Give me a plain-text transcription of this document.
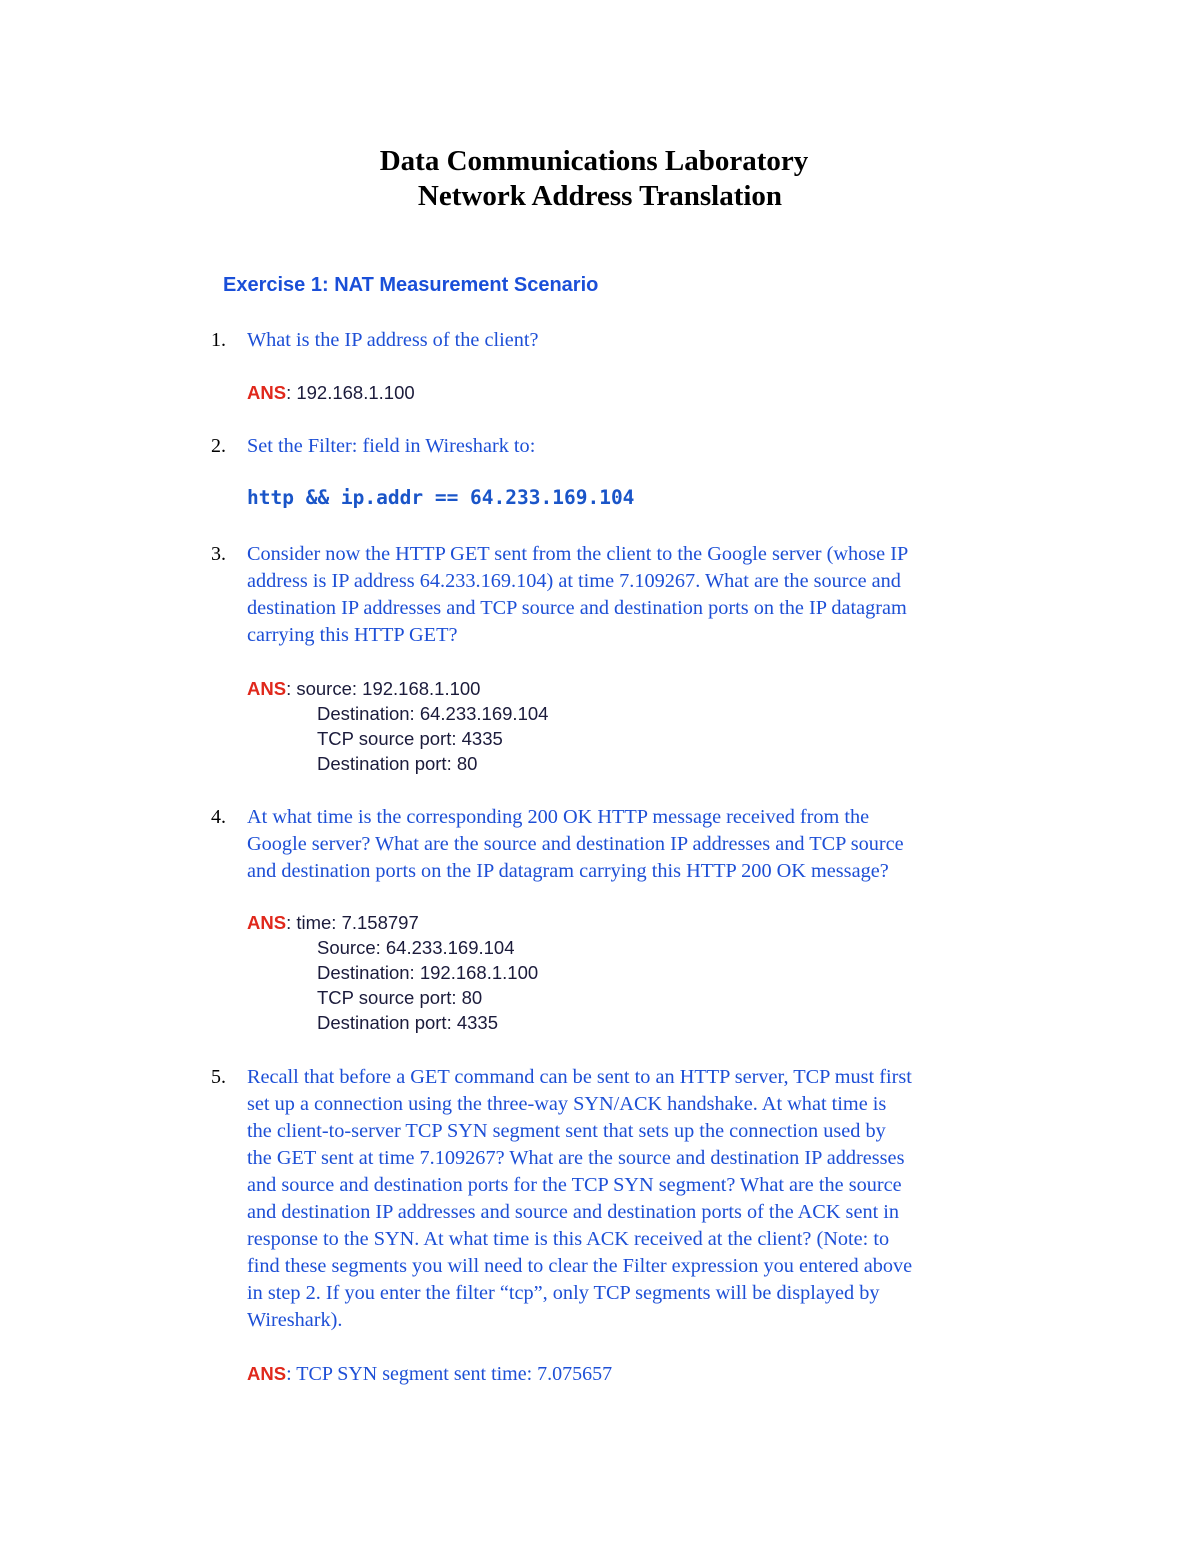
Data Communications Laboratory
Network Address Translation
Exercise 1: NAT Measurement Scenario
1. What is the IP address of the client?
ANS: 192.168.1.100
2. Set the Filter: field in Wireshark to:
http && ip.addr == 64.233.169.104
3. Consider now the HTTP GET sent from the client to the Google server (whose IP
address is IP address 64.233.169.104) at time 7.109267. What are the source and
destination IP addresses and TCP source and destination ports on the IP datagram
carrying this HTTP GET?
ANS: source: 192.168.1.100
Destination: 64.233.169.104
TCP source port: 4335
Destination port: 80
4. At what time is the corresponding 200 OK HTTP message received from the
Google server? What are the source and destination IP addresses and TCP source
and destination ports on the IP datagram carrying this HTTP 200 OK message?
ANS: time: 7.158797
Source: 64.233.169.104
Destination: 192.168.1.100
TCP source port: 80
Destination port: 4335
5. Recall that before a GET command can be sent to an HTTP server, TCP must first
set up a connection using the three-way SYN/ACK handshake. At what time is
the client-to-server TCP SYN segment sent that sets up the connection used by
the GET sent at time 7.109267? What are the source and destination IP addresses
and source and destination ports for the TCP SYN segment? What are the source
and destination IP addresses and source and destination ports of the ACK sent in
response to the SYN. At what time is this ACK received at the client? (Note: to
find these segments you will need to clear the Filter expression you entered above
in step 2. If you enter the filter “tcp”, only TCP segments will be displayed by
Wireshark).
ANS: TCP SYN segment sent time: 7.075657
